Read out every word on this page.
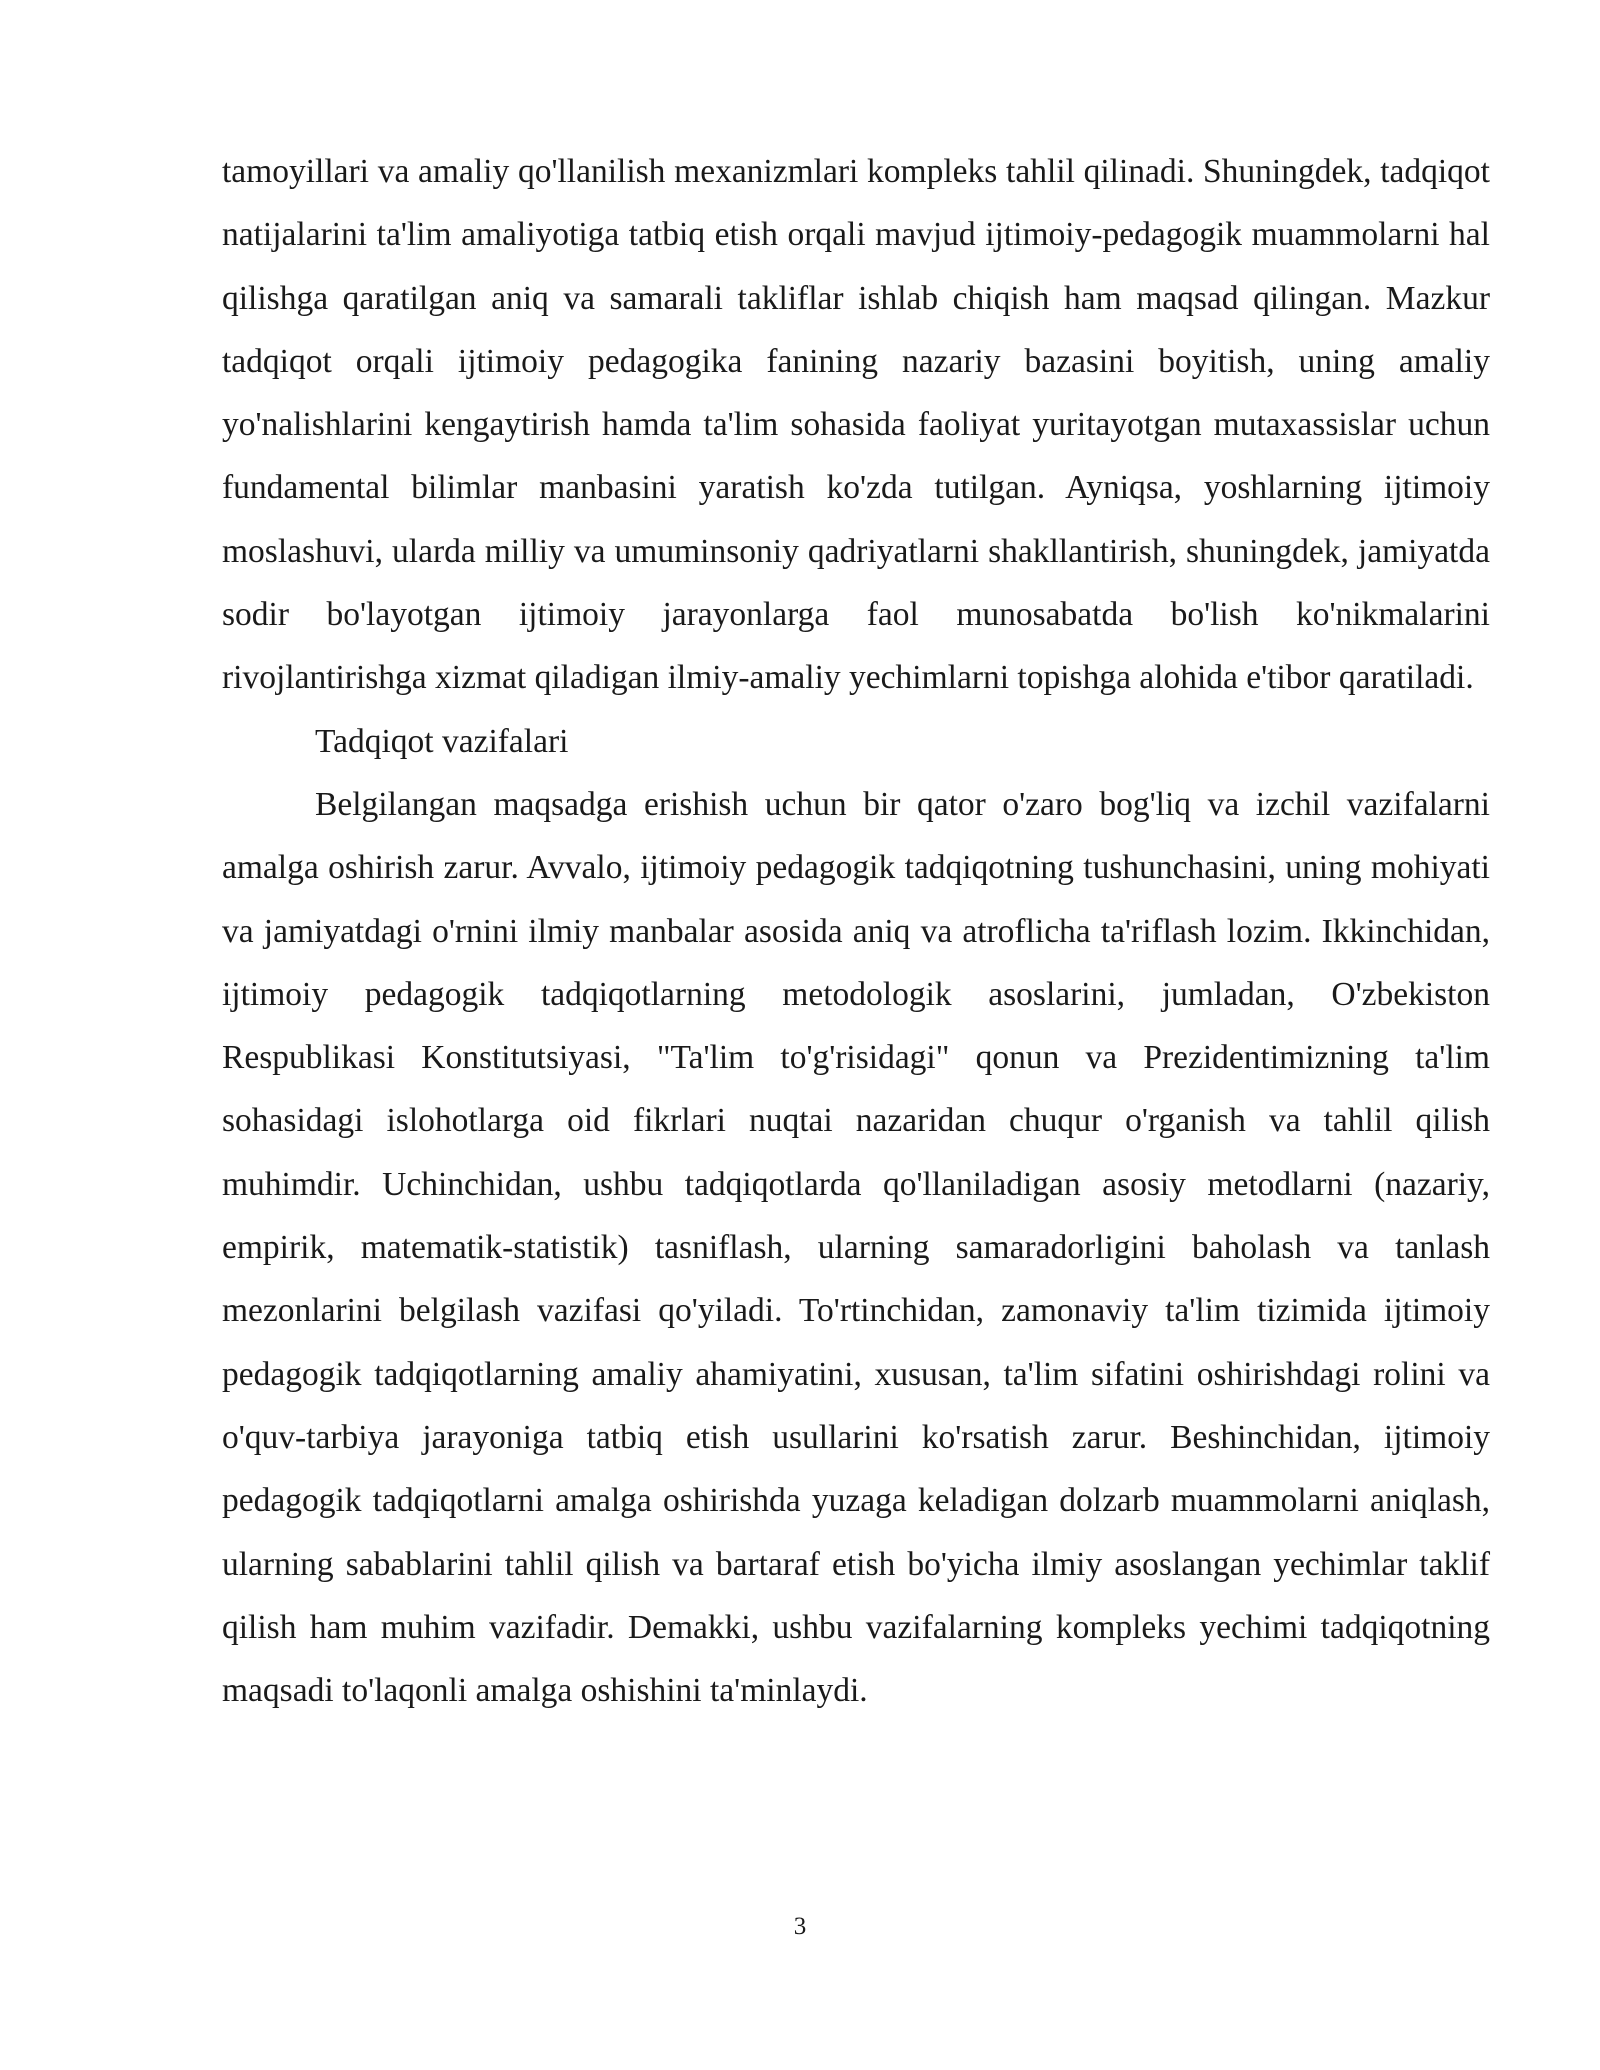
tamoyillari va amaliy qo'llanilish mexanizmlari kompleks tahlil qilinadi. Shuningdek, tadqiqot natijalarini ta'lim amaliyotiga tatbiq etish orqali mavjud ijtimoiy-pedagogik muammolarni hal qilishga qaratilgan aniq va samarali takliflar ishlab chiqish ham maqsad qilingan. Mazkur tadqiqot orqali ijtimoiy pedagogika fanining nazariy bazasini boyitish, uning amaliy yo'nalishlarini kengaytirish hamda ta'lim sohasida faoliyat yuritayotgan mutaxassislar uchun fundamental bilimlar manbasini yaratish ko'zda tutilgan. Ayniqsa, yoshlarning ijtimoiy moslashuvi, ularda milliy va umuminsoniy qadriyatlarni shakllantirish, shuningdek, jamiyatda sodir bo'layotgan ijtimoiy jarayonlarga faol munosabatda bo'lish ko'nikmalarini rivojlantirishga xizmat qiladigan ilmiy-amaliy yechimlarni topishga alohida e'tibor qaratiladi.

Tadqiqot vazifalari

Belgilangan maqsadga erishish uchun bir qator o'zaro bog'liq va izchil vazifalarni amalga oshirish zarur. Avvalo, ijtimoiy pedagogik tadqiqotning tushunchasini, uning mohiyati va jamiyatdagi o'rnini ilmiy manbalar asosida aniq va atroflicha ta'riflash lozim. Ikkinchidan, ijtimoiy pedagogik tadqiqotlarning metodologik asoslarini, jumladan, O'zbekiston Respublikasi Konstitutsiyasi, "Ta'lim to'g'risidagi" qonun va Prezidentimizning ta'lim sohasidagi islohotlarga oid fikrlari nuqtai nazaridan chuqur o'rganish va tahlil qilish muhimdir. Uchinchidan, ushbu tadqiqotlarda qo'llaniladigan asosiy metodlarni (nazariy, empirik, matematik-statistik) tasniflash, ularning samaradorligini baholash va tanlash mezonlarini belgilash vazifasi qo'yiladi. To'rtinchidan, zamonaviy ta'lim tizimida ijtimoiy pedagogik tadqiqotlarning amaliy ahamiyatini, xususan, ta'lim sifatini oshirishdagi rolini va o'quv-tarbiya jarayoniga tatbiq etish usullarini ko'rsatish zarur. Beshinchidan, ijtimoiy pedagogik tadqiqotlarni amalga oshirishda yuzaga keladigan dolzarb muammolarni aniqlash, ularning sabablarini tahlil qilish va bartaraf etish bo'yicha ilmiy asoslangan yechimlar taklif qilish ham muhim vazifadir. Demakki, ushbu vazifalarning kompleks yechimi tadqiqotning maqsadi to'laqonli amalga oshishini ta'minlaydi.

3
